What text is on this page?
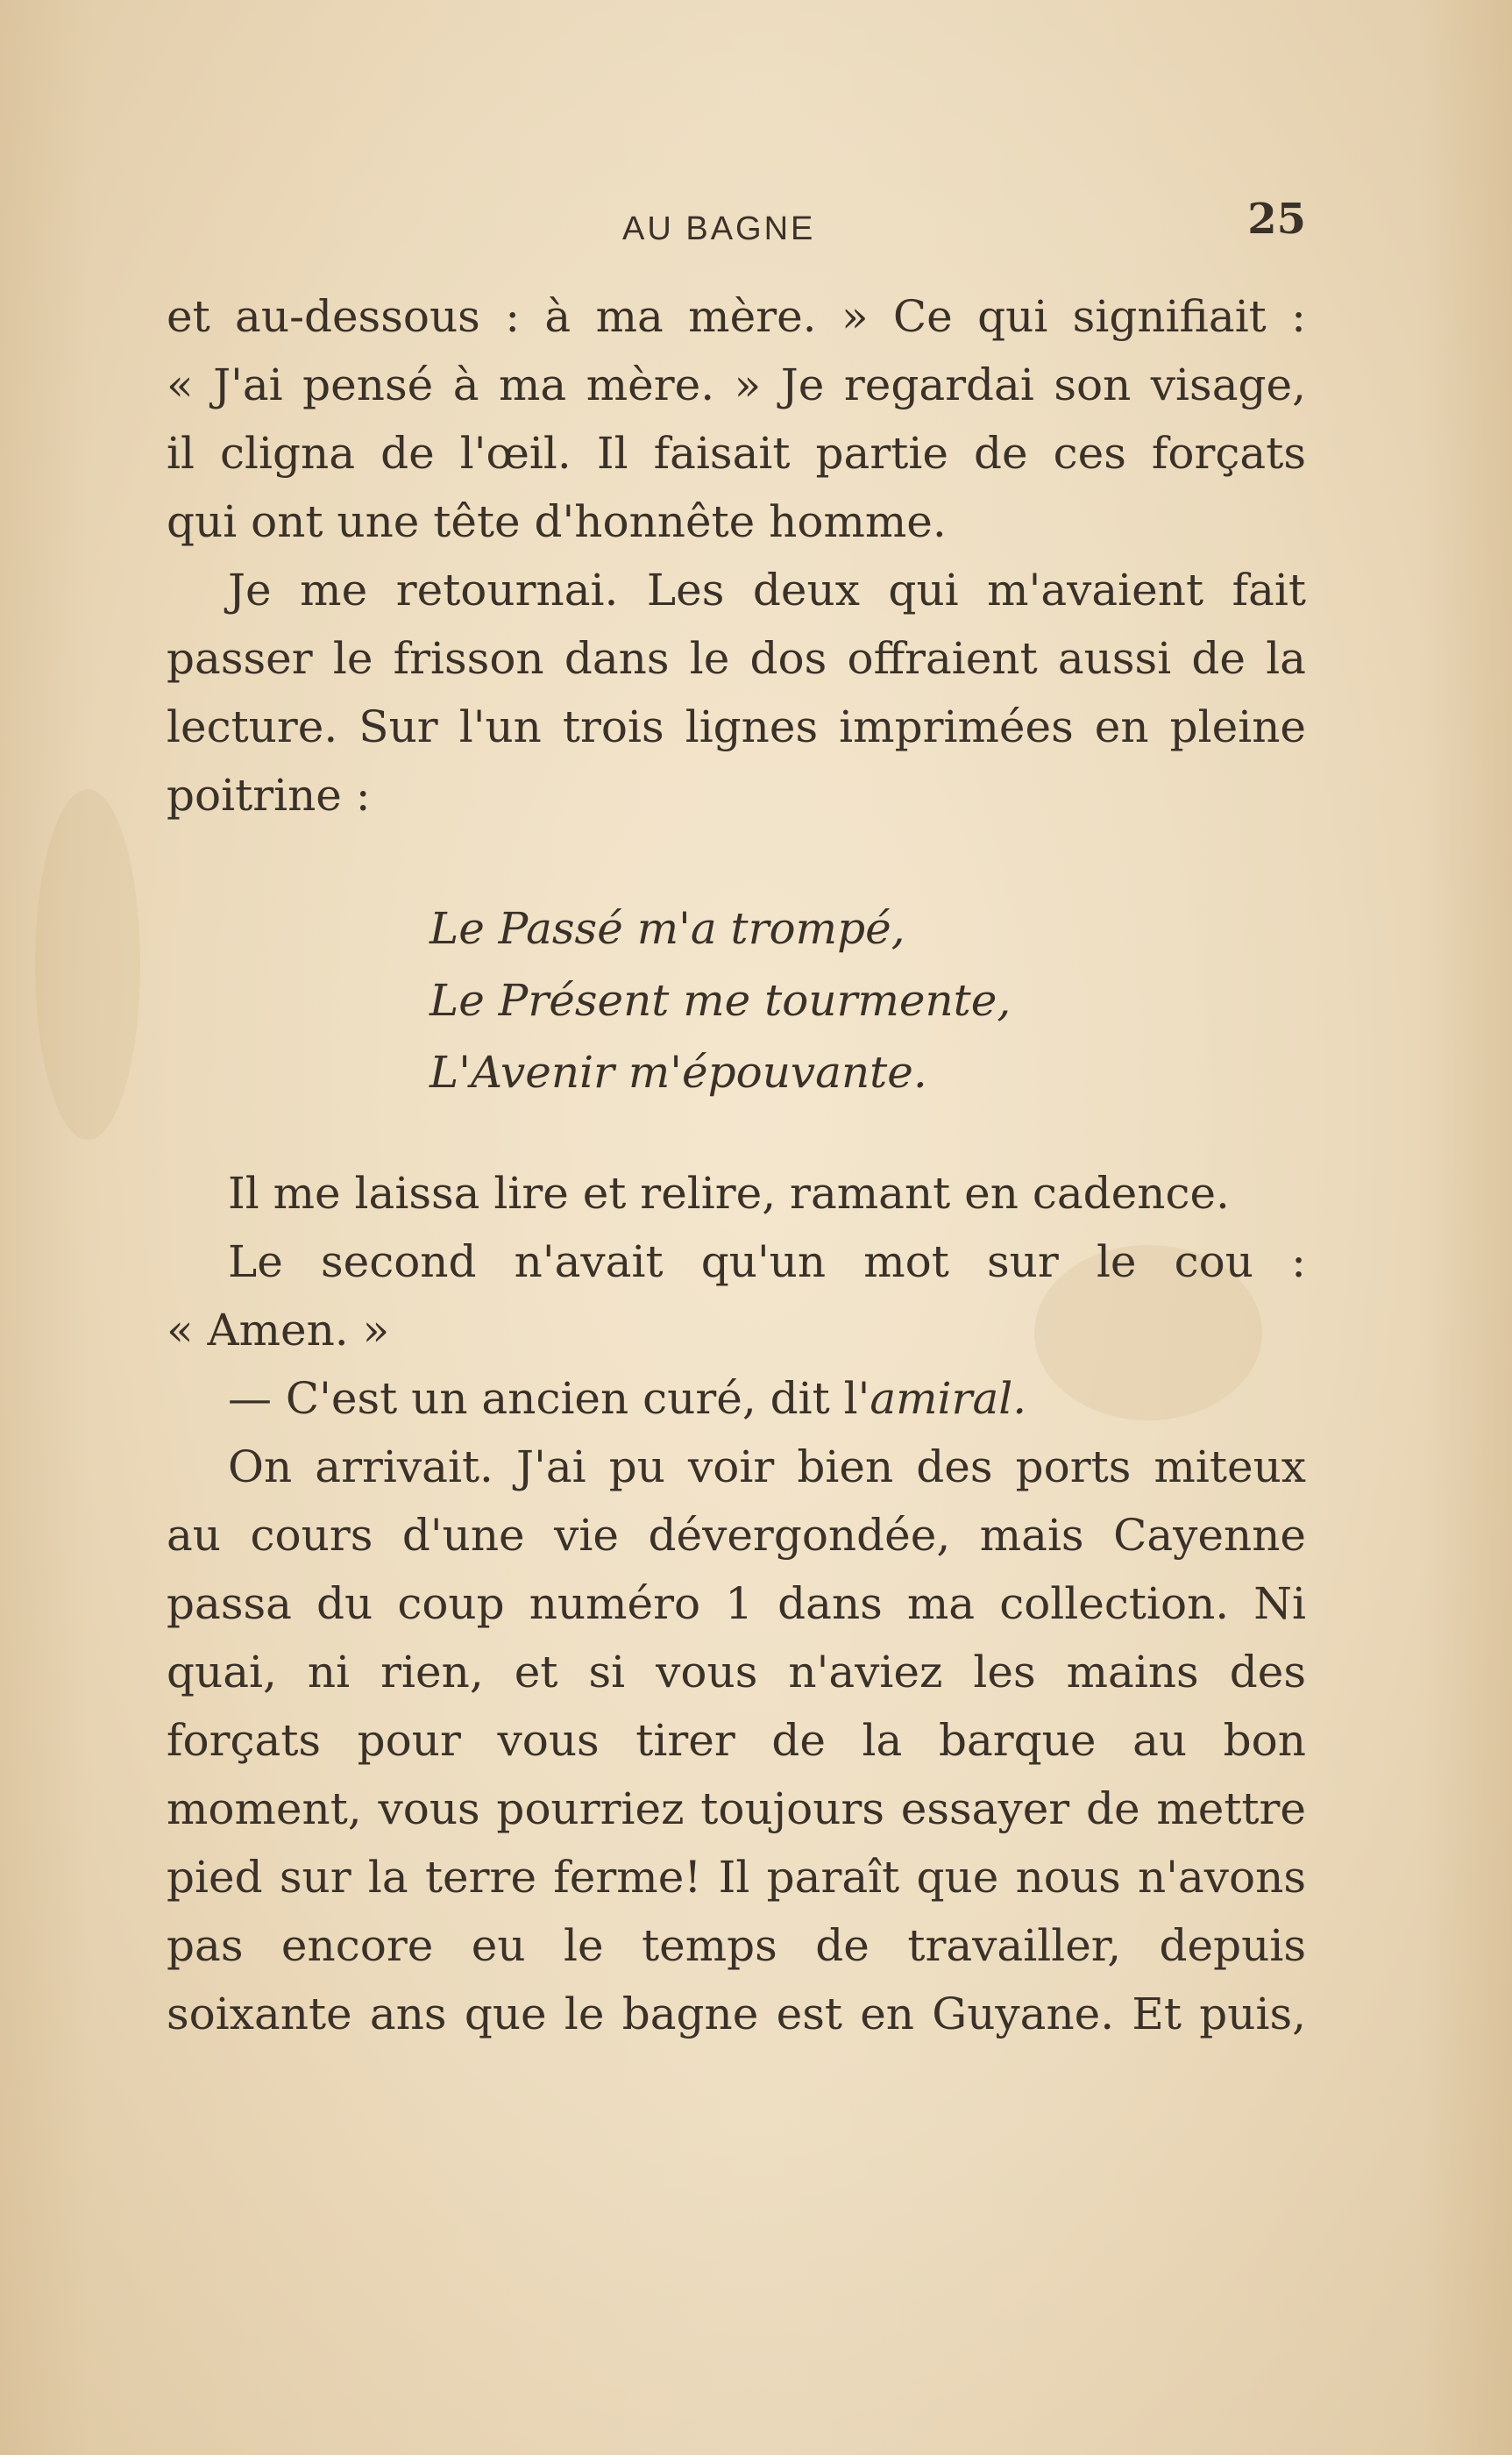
AU BAGNE	25
et au-dessous : à ma mère. » Ce qui signifiait :
« J'ai pensé à ma mère. » Je regardai son visage,
il cligna de l'œil. Il faisait partie de ces forçats
qui ont une tête d'honnête homme.
Je me retournai. Les deux qui m'avaient fait
passer le frisson dans le dos offraient aussi de la
lecture. Sur l'un trois lignes imprimées en pleine
poitrine :
Le Passé m'a trompé,
Le Présent me tourmente,
L'Avenir m'épouvante.
Il me laissa lire et relire, ramant en cadence.
Le second n'avait qu'un mot sur le cou :
« Amen. »
— C'est un ancien curé, dit l'amiral.
On arrivait. J'ai pu voir bien des ports miteux
au cours d'une vie dévergondée, mais Cayenne
passa du coup numéro 1 dans ma collection. Ni
quai, ni rien, et si vous n'aviez les mains des
forçats pour vous tirer de la barque au bon
moment, vous pourriez toujours essayer de mettre
pied sur la terre ferme! Il paraît que nous n'avons
pas encore eu le temps de travailler, depuis
soixante ans que le bagne est en Guyane. Et puis,
